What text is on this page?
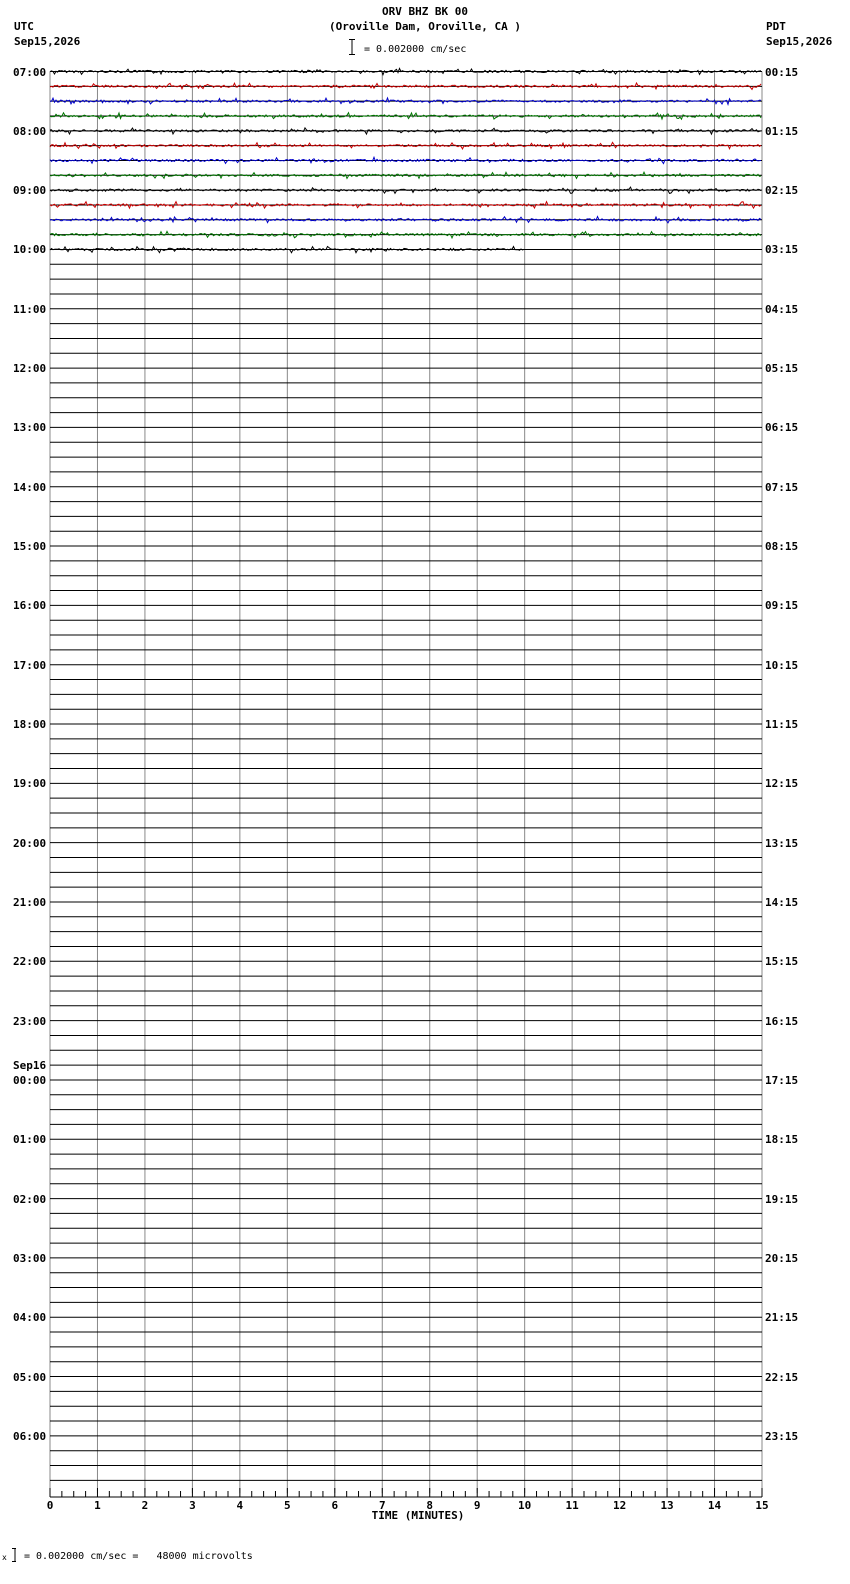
0	1	2	3	4	5	6	7	8	9	10	11	12	13	14	15
ORV BHZ BK 00
(Oroville Dam, Oroville, CA )
= 0.002000 cm/sec
UTC
Sep15,2026
PDT
Sep15,2026
07:00
08:00
09:00
10:00
11:00
12:00
13:00
14:00
15:00
16:00
17:00
18:00
19:00
20:00
21:00
22:00
23:00
00:00
01:00
02:00
03:00
04:00
05:00
06:00
Sep16
00:15
01:15
02:15
03:15
04:15
05:15
06:15
07:15
08:15
09:15
10:15
11:15
12:15
13:15
14:15
15:15
16:15
17:15
18:15
19:15
20:15
21:15
22:15
23:15
TIME (MINUTES)
x = 0.002000 cm/sec =   48000 microvolts
